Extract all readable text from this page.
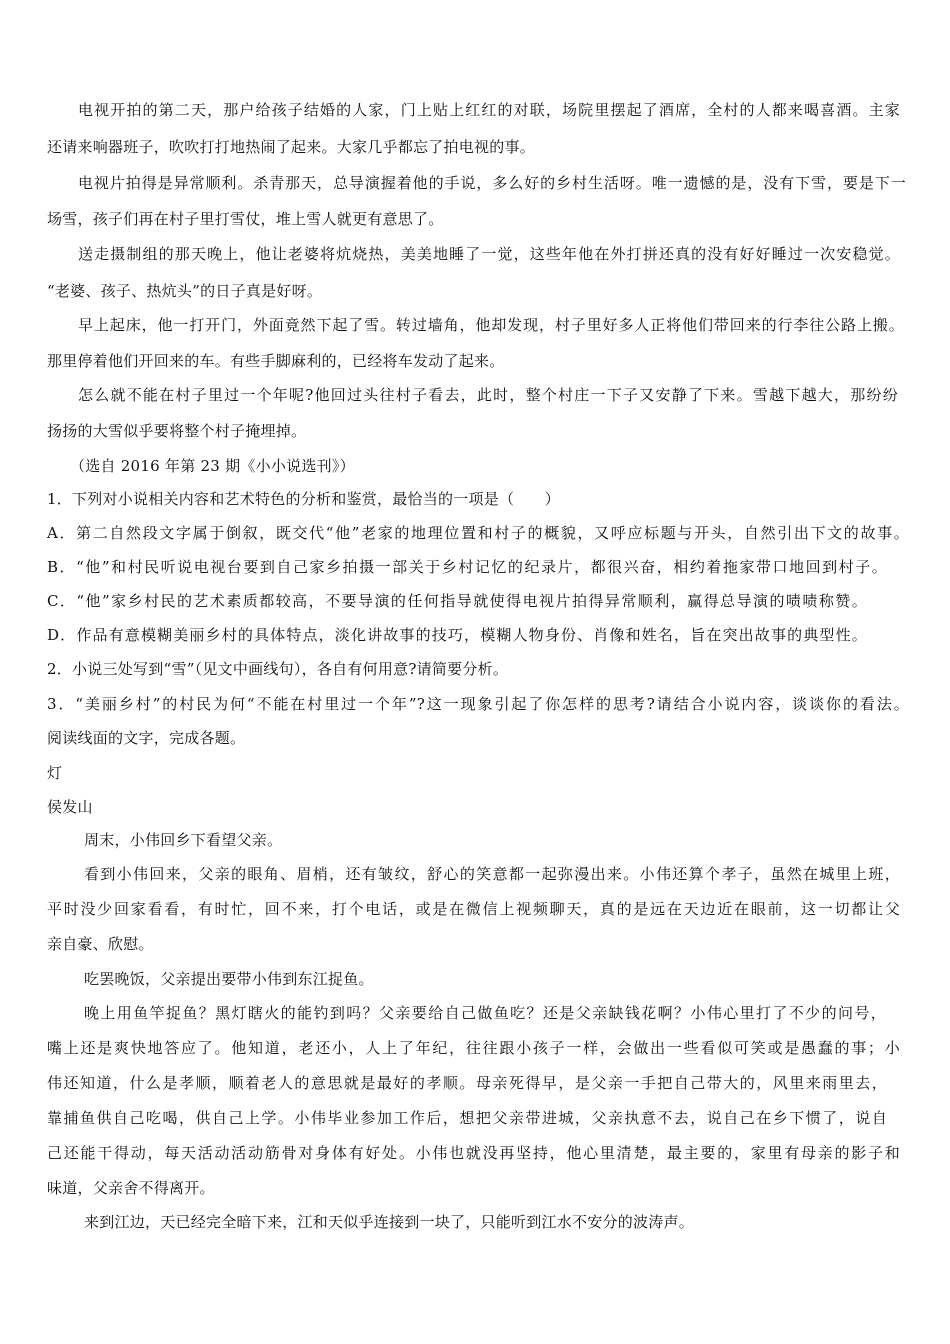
电视开拍的第二天，那户给孩子结婚的人家，门上贴上红红的对联，场院里摆起了酒席，全村的人都来喝喜酒。主家
还请来响器班子，吹吹打打地热闹了起来。大家几乎都忘了拍电视的事。
电视片拍得是异常顺利。杀青那天，总导演握着他的手说，多么好的乡村生活呀。唯一遗憾的是，没有下雪，要是下一
场雪，孩子们再在村子里打雪仗，堆上雪人就更有意思了。
送走摄制组的那天晚上，他让老婆将炕烧热，美美地睡了一觉，这些年他在外打拼还真的没有好好睡过一次安稳觉。
“老婆、孩子、热炕头”的日子真是好呀。
早上起床，他一打开门，外面竟然下起了雪。转过墙角，他却发现，村子里好多人正将他们带回来的行李往公路上搬。
那里停着他们开回来的车。有些手脚麻利的，已经将车发动了起来。
怎么就不能在村子里过一个年呢?他回过头往村子看去，此时，整个村庄一下子又安静了下来。雪越下越大，那纷纷
扬扬的大雪似乎要将整个村子掩埋掉。
（选自 2016 年第 23 期《小小说选刊》）
1．下列对小说相关内容和艺术特色的分析和鉴赏，最恰当的一项是（　　）
A．第二自然段文字属于倒叙，既交代“他”老家的地理位置和村子的概貌，又呼应标题与开头，自然引出下文的故事。
B．“他”和村民听说电视台要到自己家乡拍摄一部关于乡村记忆的纪录片，都很兴奋，相约着拖家带口地回到村子。
C．“他”家乡村民的艺术素质都较高，不要导演的任何指导就使得电视片拍得异常顺利，赢得总导演的啧啧称赞。
D．作品有意模糊美丽乡村的具体特点，淡化讲故事的技巧，模糊人物身份、肖像和姓名，旨在突出故事的典型性。
2．小说三处写到“雪”（见文中画线句），各自有何用意?请简要分析。
3．“美丽乡村”的村民为何“不能在村里过一个年”?这一现象引起了你怎样的思考?请结合小说内容，谈谈你的看法。
阅读线面的文字，完成各题。
灯
侯发山
周末，小伟回乡下看望父亲。
看到小伟回来，父亲的眼角、眉梢，还有皱纹，舒心的笑意都一起弥漫出来。小伟还算个孝子，虽然在城里上班，
平时没少回家看看，有时忙，回不来，打个电话，或是在微信上视频聊天，真的是远在天边近在眼前，这一切都让父
亲自豪、欣慰。
吃罢晚饭，父亲提出要带小伟到东江捉鱼。
晚上用鱼竿捉鱼？黑灯瞎火的能钓到吗？父亲要给自己做鱼吃？还是父亲缺钱花啊？小伟心里打了不少的问号，
嘴上还是爽快地答应了。他知道，老还小，人上了年纪，往往跟小孩子一样，会做出一些看似可笑或是愚蠢的事；小
伟还知道，什么是孝顺，顺着老人的意思就是最好的孝顺。母亲死得早，是父亲一手把自己带大的，风里来雨里去，
靠捕鱼供自己吃喝，供自己上学。小伟毕业参加工作后，想把父亲带进城，父亲执意不去，说自己在乡下惯了，说自
己还能干得动，每天活动活动筋骨对身体有好处。小伟也就没再坚持，他心里清楚，最主要的，家里有母亲的影子和
味道，父亲舍不得离开。
来到江边，天已经完全暗下来，江和天似乎连接到一块了，只能听到江水不安分的波涛声。
